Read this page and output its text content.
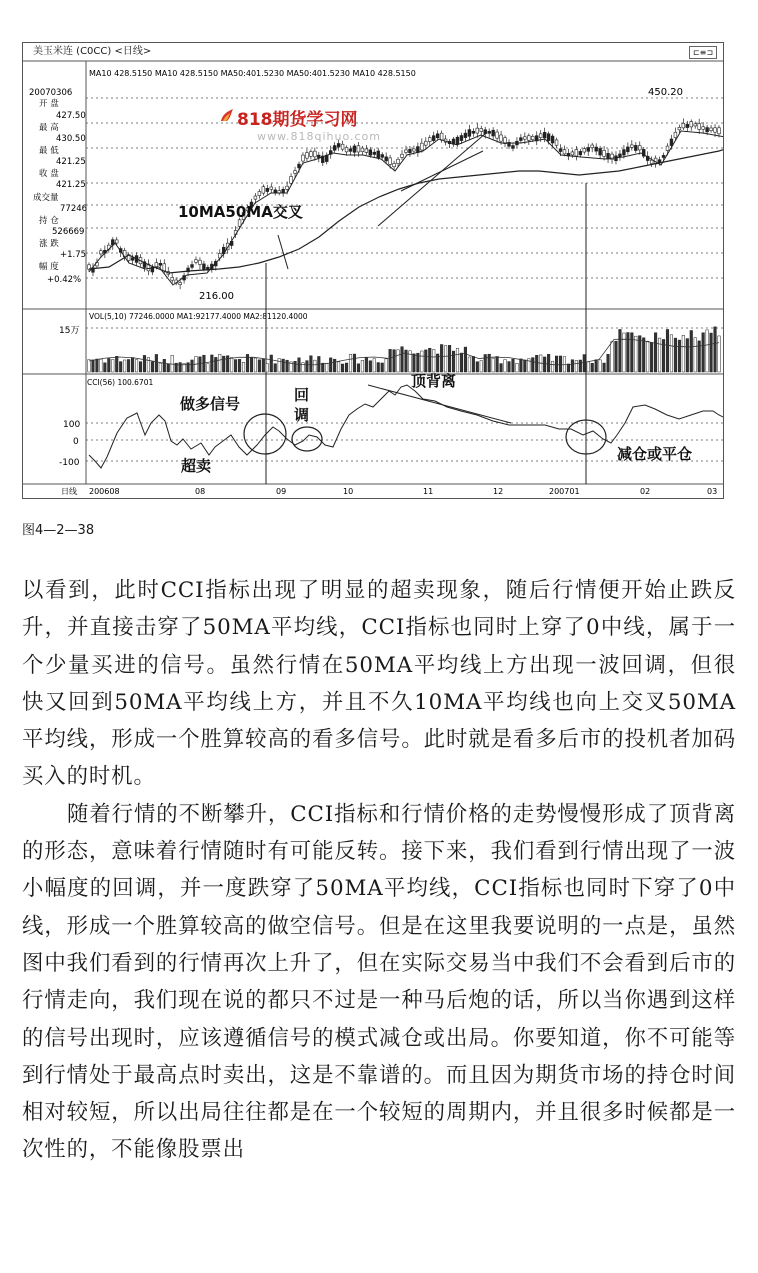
美玉米连 (C0CC) <日线>	⊏≡⊐
MA10 428.5150 MA10 428.5150 MA50:401.5230 MA50:401.5230 MA10 428.5150
VOL(5,10) 77246.0000 MA1:92177.4000 MA2:81120.4000
15万
CCI(56) 100.6701
100
0
-100
450.20
216.00
20070306
开 盘
427.50
最 高
430.50
最 低
421.25
收 盘
421.25
成交量
77246
持 仓
526669
涨 跌
+1.75
幅 度
+0.42%
日线 200608	08	09	10	11	12	200701	02	03
818期货学习网
www.818qihuo.com
10MA50MA交叉
做多信号	回
调
顶背离
超卖
减仓或平仓
图4—2—38

以看到，此时CCI指标出现了明显的超卖现象，随后行情便开始止跌反升，并直接击穿了50MA平均线，CCI指标也同时上穿了0中线，属于一个少量买进的信号。虽然行情在50MA平均线上方出现一波回调，但很快又回到50MA平均线上方，并且不久10MA平均线也向上交叉50MA平均线，形成一个胜算较高的看多信号。此时就是看多后市的投机者加码买入的时机。

随着行情的不断攀升，CCI指标和行情价格的走势慢慢形成了顶背离的形态，意味着行情随时有可能反转。接下来，我们看到行情出现了一波小幅度的回调，并一度跌穿了50MA平均线，CCI指标也同时下穿了0中线，形成一个胜算较高的做空信号。但是在这里我要说明的一点是，虽然图中我们看到的行情再次上升了，但在实际交易当中我们不会看到后市的行情走向，我们现在说的都只不过是一种马后炮的话，所以当你遇到这样的信号出现时，应该遵循信号的模式减仓或出局。你要知道，你不可能等到行情处于最高点时卖出，这是不靠谱的。而且因为期货市场的持仓时间相对较短，所以出局往往都是在一个较短的周期内，并且很多时候都是一次性的，不能像股票出
